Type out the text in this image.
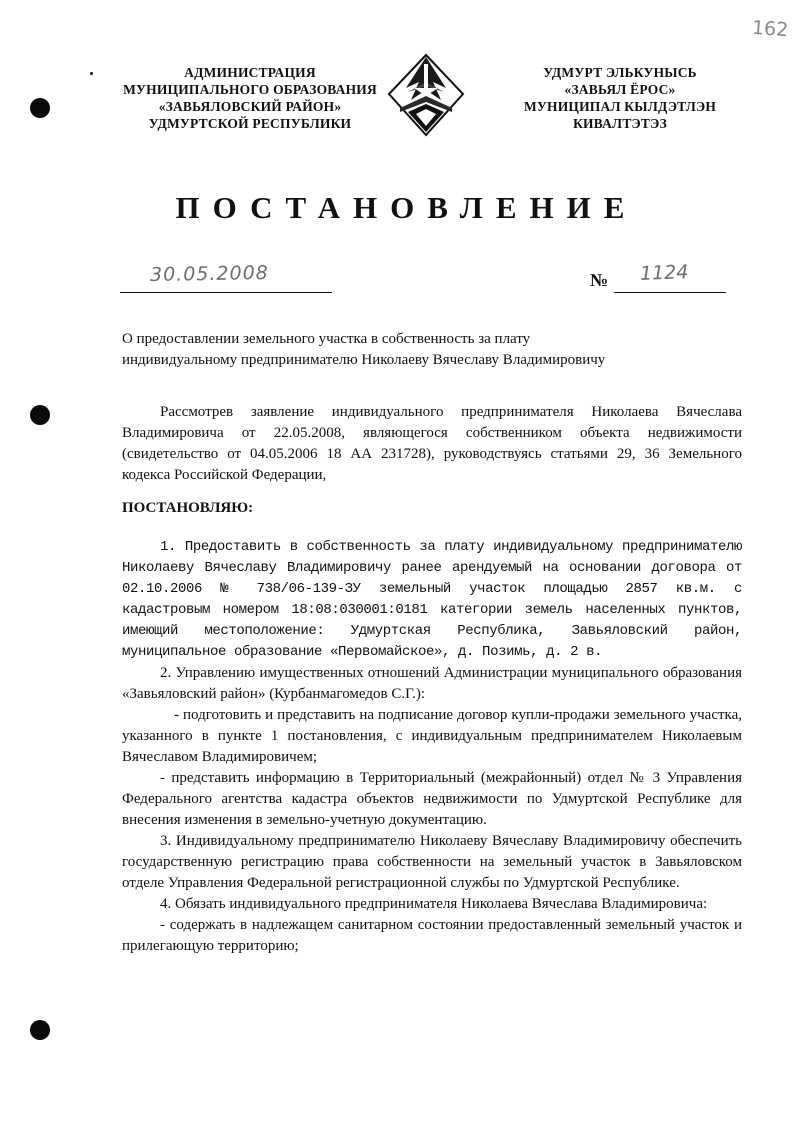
162
АДМИНИСТРАЦИЯ
МУНИЦИПАЛЬНОГО ОБРАЗОВАНИЯ
«ЗАВЬЯЛОВСКИЙ РАЙОН»
УДМУРТСКОЙ РЕСПУБЛИКИ
УДМУРТ ЭЛЬКУНЫСЬ
«ЗАВЬЯЛ ЁРОС»
МУНИЦИПАЛ КЫЛДЭТЛЭН
КИВАЛТЭТЭЗ
ПОСТАНОВЛЕНИЕ
30.05.2008	№ 1124
О предоставлении земельного участка в собственность за плату
индивидуальному предпринимателю Николаеву Вячеславу Владимировичу

Рассмотрев заявление индивидуального предпринимателя Николаева Вячеслава Владимировича от 22.05.2008, являющегося собственником объекта недвижимости (свидетельство от 04.05.2006 18 АА 231728), руководствуясь статьями 29, 36 Земельного кодекса Российской Федерации,

ПОСТАНОВЛЯЮ:

1. Предоставить в собственность за плату индивидуальному предпринимателю Николаеву Вячеславу Владимировичу ранее арендуемый на основании договора от 02.10.2006 № 738/06-139-ЗУ земельный участок площадью 2857 кв.м. с кадастровым номером 18:08:030001:0181 категории земель населенных пунктов, имеющий местоположение: Удмуртская Республика, Завьяловский район, муниципальное образование «Первомайское», д. Позимь, д. 2 в.

2. Управлению имущественных отношений Администрации муниципального образования «Завьяловский район» (Курбанмагомедов С.Г.):

- подготовить и представить на подписание договор купли-продажи земельного участка, указанного в пункте 1 постановления, с индивидуальным предпринимателем Николаевым Вячеславом Владимировичем;

- представить информацию в Территориальный (межрайонный) отдел № 3 Управления Федерального агентства кадастра объектов недвижимости по Удмуртской Республике для внесения изменения в земельно-учетную документацию.

3. Индивидуальному предпринимателю Николаеву Вячеславу Владимировичу обеспечить государственную регистрацию права собственности на земельный участок в Завьяловском отделе Управления Федеральной регистрационной службы по Удмуртской Республике.

4. Обязать индивидуального предпринимателя Николаева Вячеслава Владимировича:

- содержать в надлежащем санитарном состоянии предоставленный земельный участок и прилегающую территорию;
